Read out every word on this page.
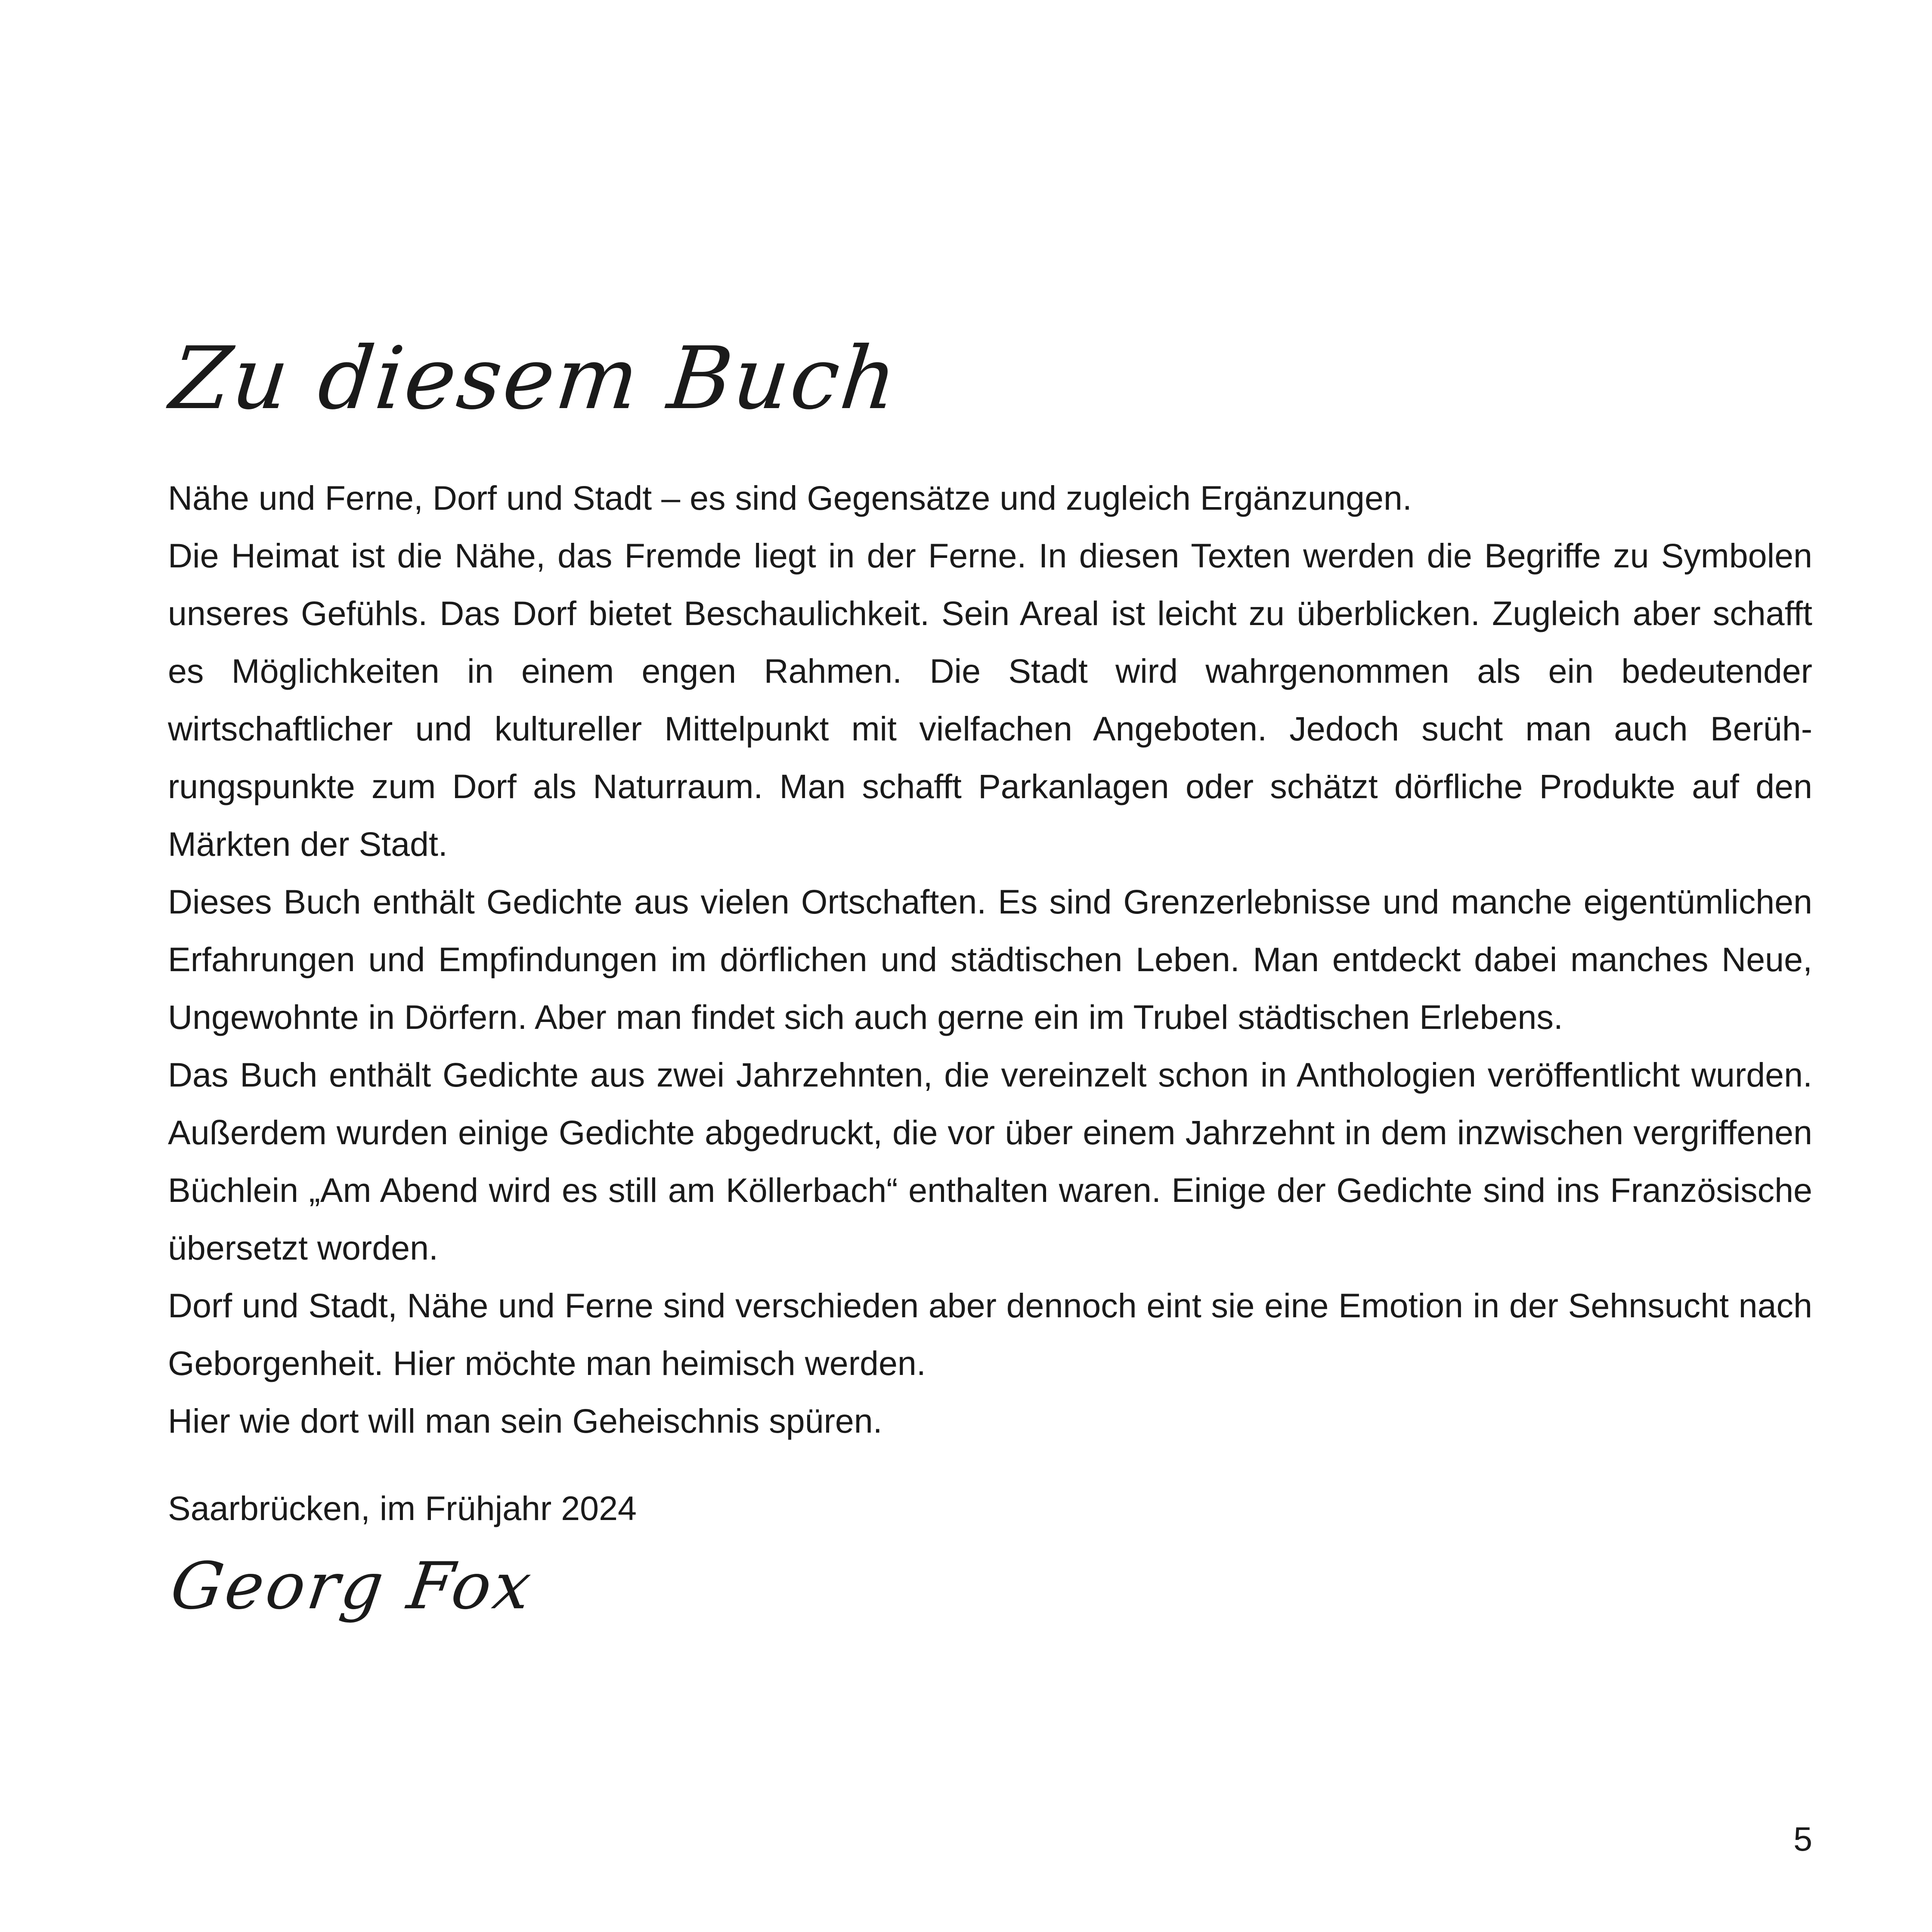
Zu diesem Buch

Nähe und Ferne, Dorf und Stadt – es sind Gegensätze und zugleich Ergänzungen.

Die Heimat ist die Nähe, das Fremde liegt in der Ferne. In diesen Texten werden die Begriffe zu Symbolen unseres Gefühls. Das Dorf bietet Beschaulichkeit. Sein Areal ist leicht zu überblicken. Zugleich aber schafft es Möglichkeiten in einem engen Rahmen. Die Stadt wird wahrgenommen als ein bedeutender wirtschaftlicher und kultureller Mittelpunkt mit vielfachen Angeboten. Jedoch sucht man auch Berührungspunkte zum Dorf als Naturraum. Man schafft Parkanlagen oder schätzt dörfliche Produkte auf den Märkten der Stadt.

Dieses Buch enthält Gedichte aus vielen Ortschaften. Es sind Grenzerlebnisse und manche eigentümlichen Erfahrungen und Empfindungen im dörflichen und städtischen Leben. Man entdeckt dabei manches Neue, Ungewohnte in Dörfern. Aber man findet sich auch gerne ein im Trubel städtischen Erlebens.

Das Buch enthält Gedichte aus zwei Jahrzehnten, die vereinzelt schon in Anthologien veröffentlicht wurden. Außerdem wurden einige Gedichte abgedruckt, die vor über einem Jahrzehnt in dem inzwischen vergriffenen Büchlein „Am Abend wird es still am Köllerbach“ enthalten waren. Einige der Gedichte sind ins Französische übersetzt worden.

Dorf und Stadt, Nähe und Ferne sind verschieden aber dennoch eint sie eine Emotion in der Sehnsucht nach Geborgenheit. Hier möchte man heimisch werden.

Hier wie dort will man sein Geheischnis spüren.

Saarbrücken, im Frühjahr 2024
Georg Fox
5
